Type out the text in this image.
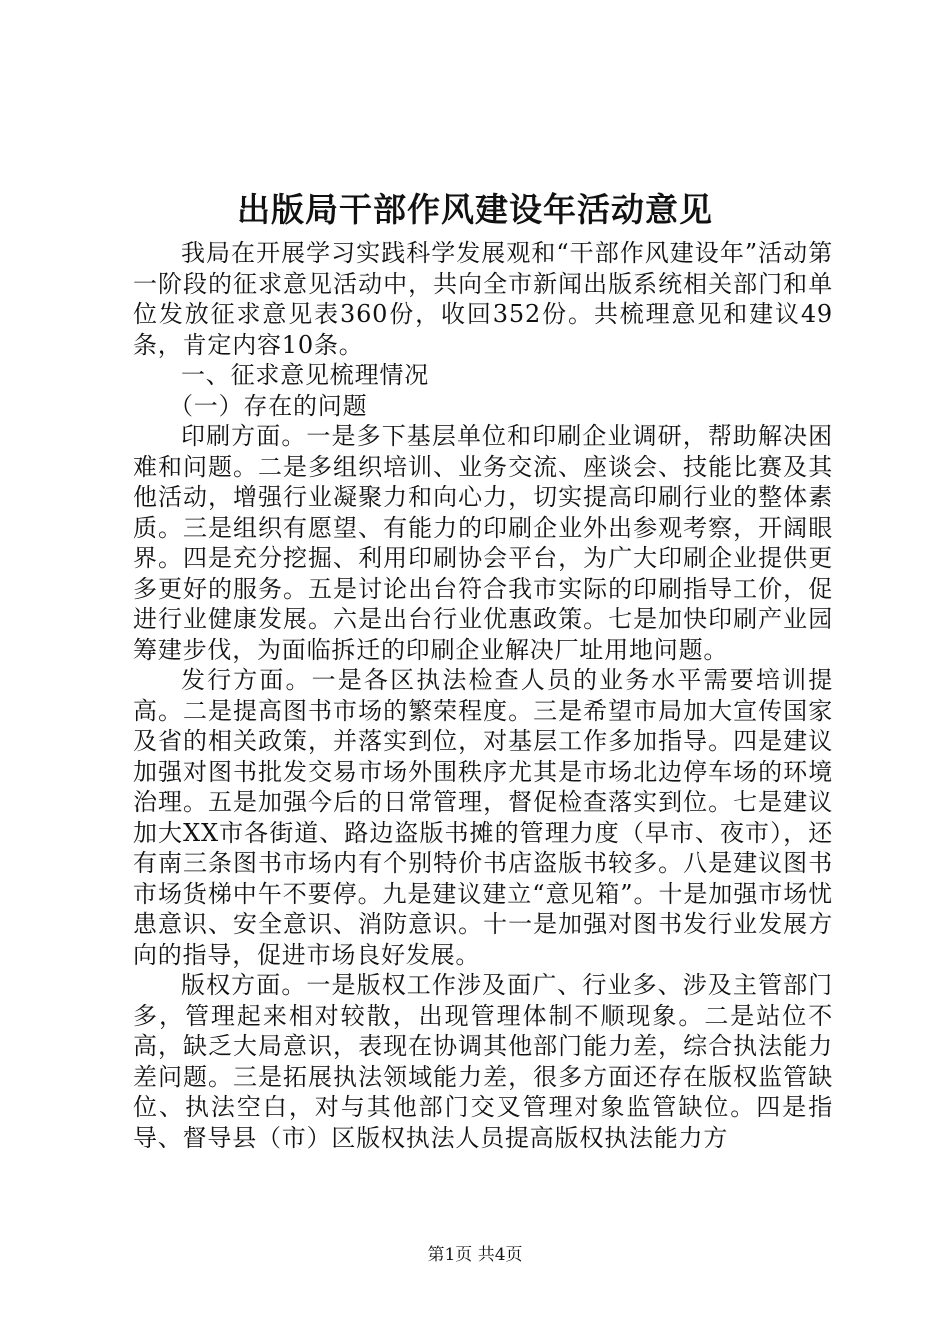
出版局干部作风建设年活动意见

我局在开展学习实践科学发展观和“干部作风建设年”活动第一阶段的征求意见活动中，共向全市新闻出版系统相关部门和单位发放征求意见表360份，收回352份。共梳理意见和建议49条，肯定内容10条。

一、征求意见梳理情况

（一）存在的问题

印刷方面。一是多下基层单位和印刷企业调研，帮助解决困难和问题。二是多组织培训、业务交流、座谈会、技能比赛及其他活动，增强行业凝聚力和向心力，切实提高印刷行业的整体素质。三是组织有愿望、有能力的印刷企业外出参观考察，开阔眼界。四是充分挖掘、利用印刷协会平台，为广大印刷企业提供更多更好的服务。五是讨论出台符合我市实际的印刷指导工价，促进行业健康发展。六是出台行业优惠政策。七是加快印刷产业园筹建步伐，为面临拆迁的印刷企业解决厂址用地问题。

发行方面。一是各区执法检查人员的业务水平需要培训提高。二是提高图书市场的繁荣程度。三是希望市局加大宣传国家及省的相关政策，并落实到位，对基层工作多加指导。四是建议加强对图书批发交易市场外围秩序尤其是市场北边停车场的环境治理。五是加强今后的日常管理，督促检查落实到位。七是建议加大XX市各街道、路边盗版书摊的管理力度（早市、夜市），还有南三条图书市场内有个别特价书店盗版书较多。八是建议图书市场货梯中午不要停。九是建议建立“意见箱”。十是加强市场忧患意识、安全意识、消防意识。十一是加强对图书发行业发展方向的指导，促进市场良好发展。

版权方面。一是版权工作涉及面广、行业多、涉及主管部门多，管理起来相对较散，出现管理体制不顺现象。二是站位不高，缺乏大局意识，表现在协调其他部门能力差，综合执法能力差问题。三是拓展执法领域能力差，很多方面还存在版权监管缺位、执法空白，对与其他部门交叉管理对象监管缺位。四是指导、督导县（市）区版权执法人员提高版权执法能力方

第1页 共4页
